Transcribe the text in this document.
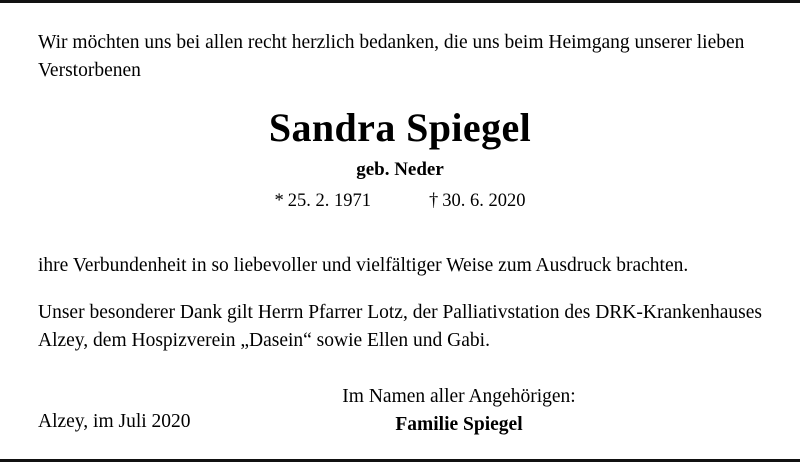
Wir möchten uns bei allen recht herzlich bedanken, die uns beim Heimgang unserer lieben Verstorbenen

Sandra Spiegel
geb. Neder
* 25. 2. 1971	† 30. 6. 2020

ihre Verbundenheit in so liebevoller und vielfältiger Weise zum Ausdruck brachten.

Unser besonderer Dank gilt Herrn Pfarrer Lotz, der Palliativstation des DRK-Krankenhauses Alzey, dem Hospizverein „Dasein“ sowie Ellen und Gabi.

Im Namen aller Angehörigen:
Familie Spiegel
Alzey, im Juli 2020
